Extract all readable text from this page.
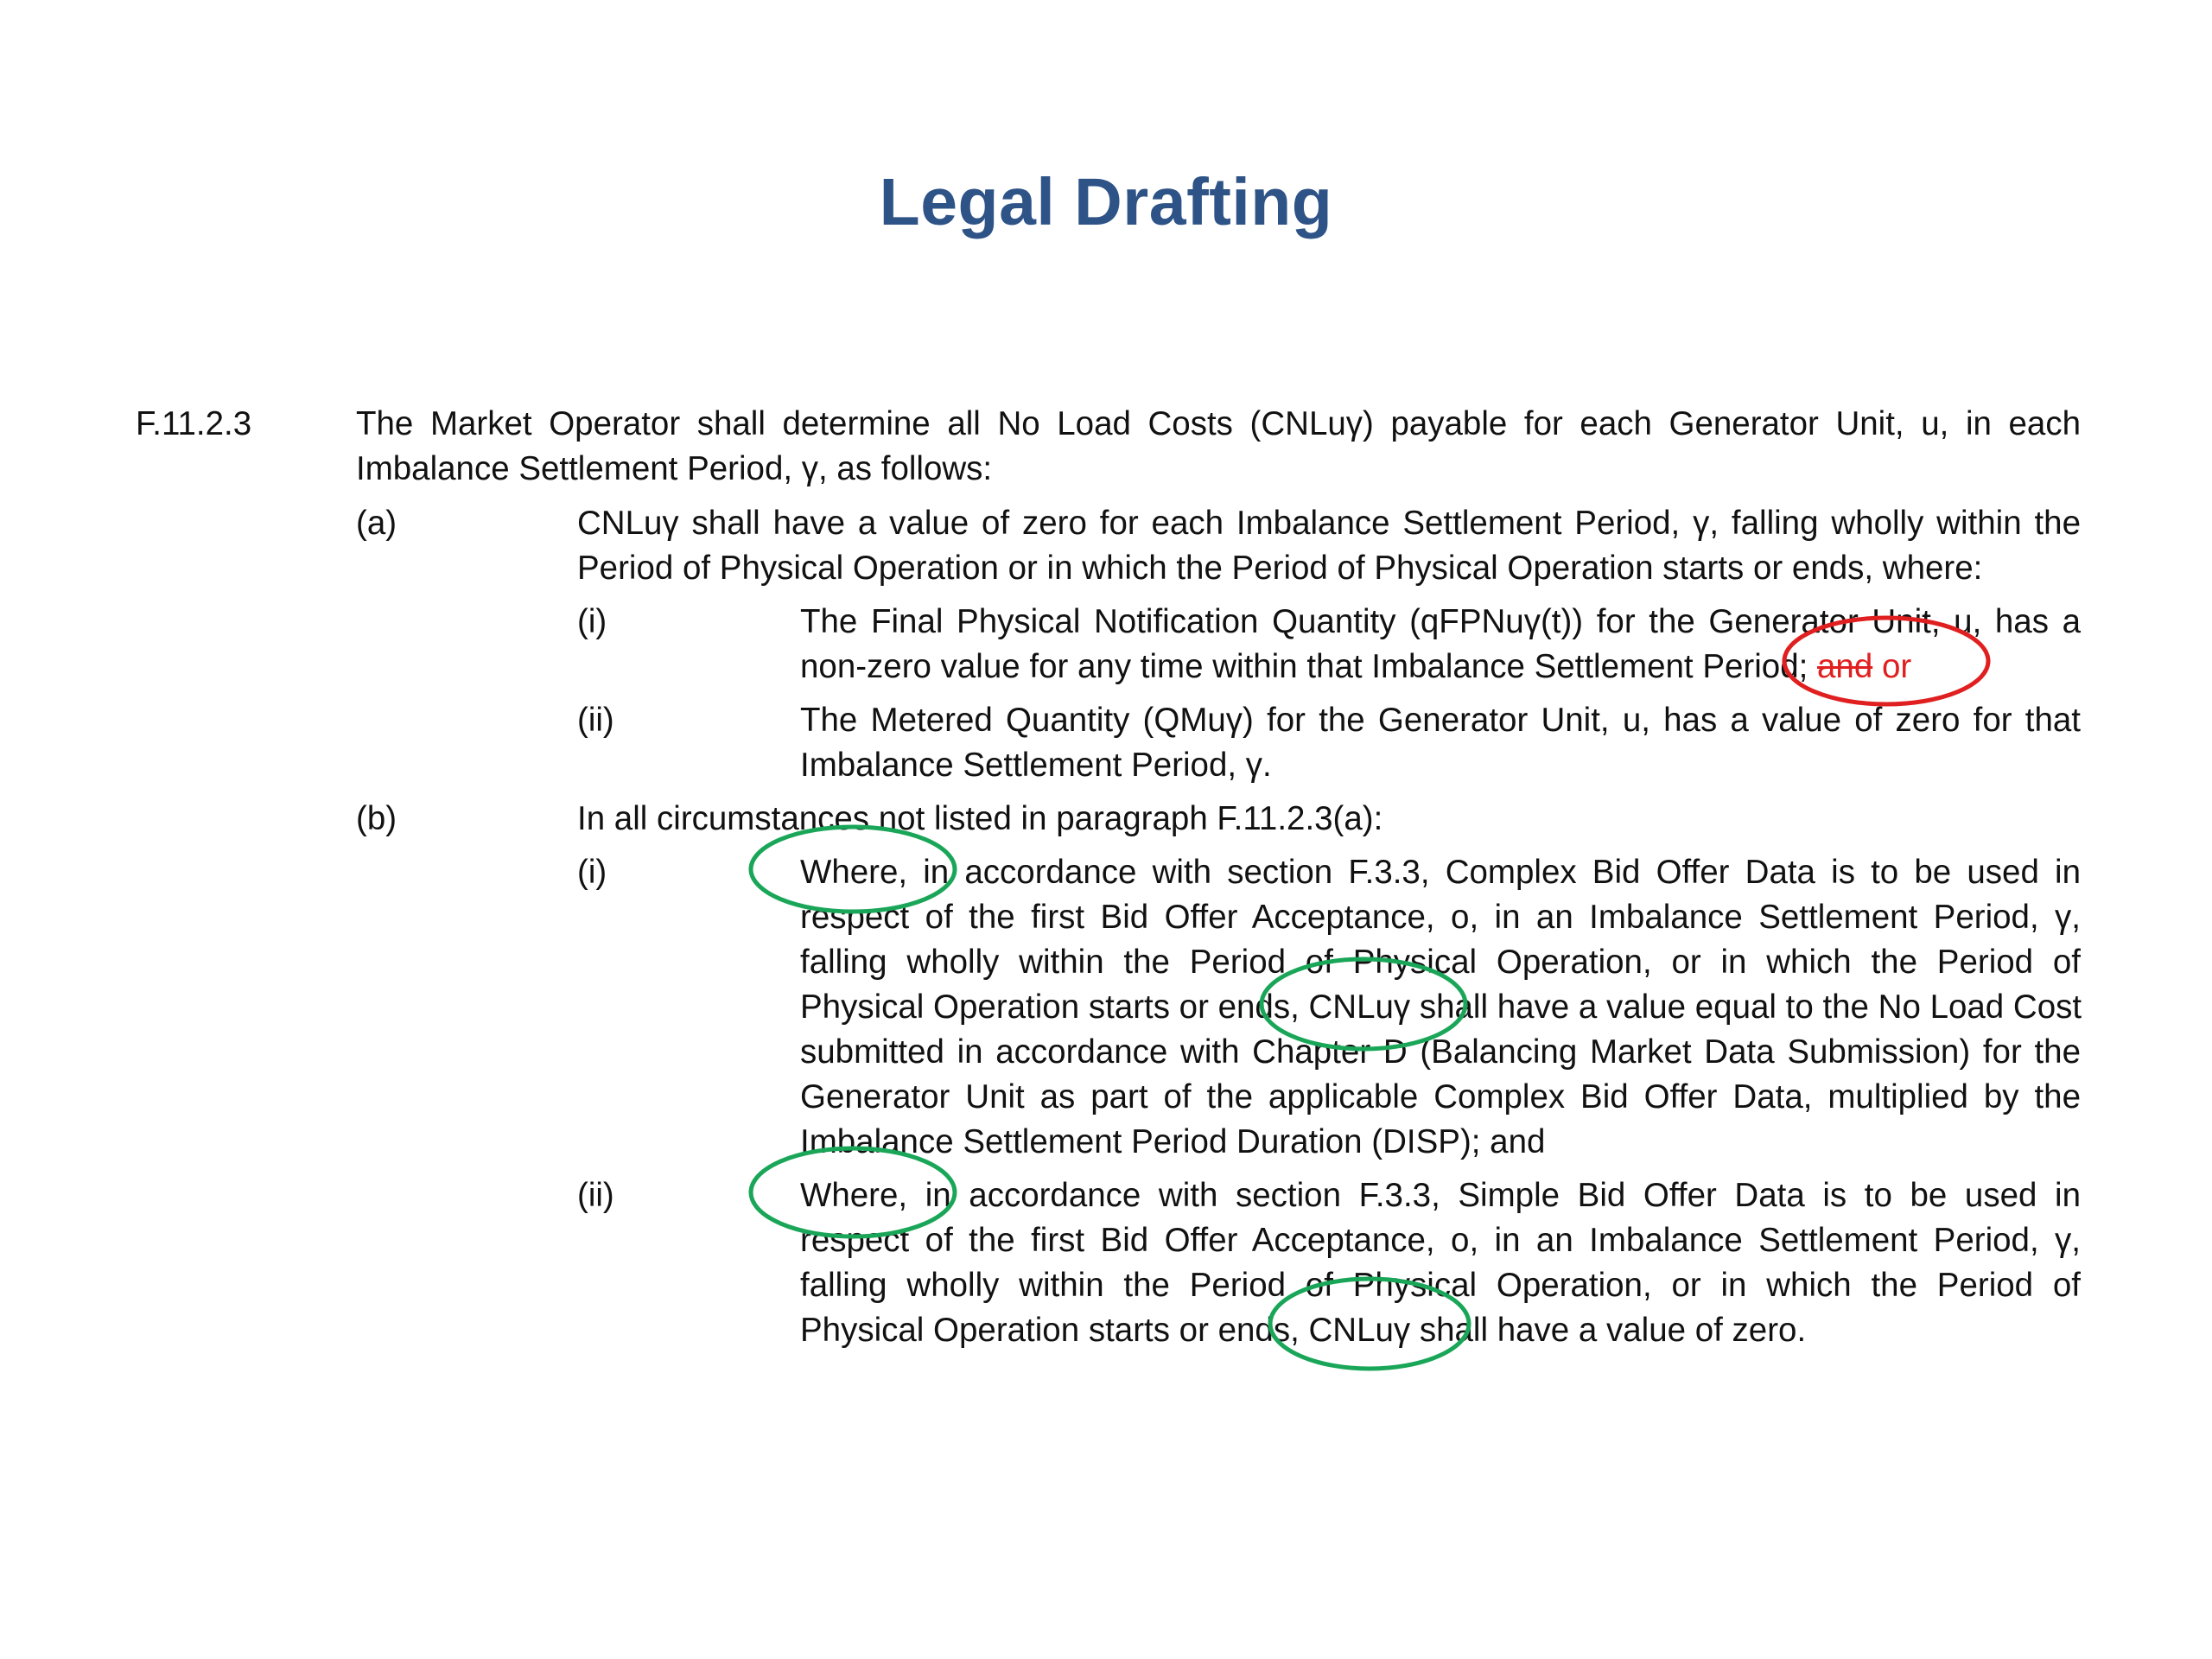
Legal Drafting
F.11.2.3	The Market Operator shall determine all No Load Costs (CNLuγ) payable for each Generator Unit, u, in each
Imbalance Settlement Period, γ, as follows:
(a)	CNLuγ shall have a value of zero for each Imbalance Settlement Period, γ, falling wholly within the
Period of Physical Operation or in which the Period of Physical Operation starts or ends, where:
(i)	The Final Physical Notification Quantity (qFPNuγ(t)) for the Generator Unit, u, has a
non-zero value for any time within that Imbalance Settlement Period; and or
(ii)	The Metered Quantity (QMuγ) for the Generator Unit, u, has a value of zero for that
Imbalance Settlement Period, γ.
(b)	In all circumstances not listed in paragraph F.11.2.3(a):
(i)	Where, in accordance with section F.3.3, Complex Bid Offer Data is to be used in
respect of the first Bid Offer Acceptance, o, in an Imbalance Settlement Period, γ,
falling wholly within the Period of Physical Operation, or in which the Period of
Physical Operation starts or ends, CNLuγ shall have a value equal to the No Load Cost
submitted in accordance with Chapter D (Balancing Market Data Submission) for the
Generator Unit as part of the applicable Complex Bid Offer Data, multiplied by the
Imbalance Settlement Period Duration (DISP); and
(ii)	Where, in accordance with section F.3.3, Simple Bid Offer Data is to be used in
respect of the first Bid Offer Acceptance, o, in an Imbalance Settlement Period, γ,
falling wholly within the Period of Physical Operation, or in which the Period of
Physical Operation starts or ends, CNLuγ shall have a value of zero.
